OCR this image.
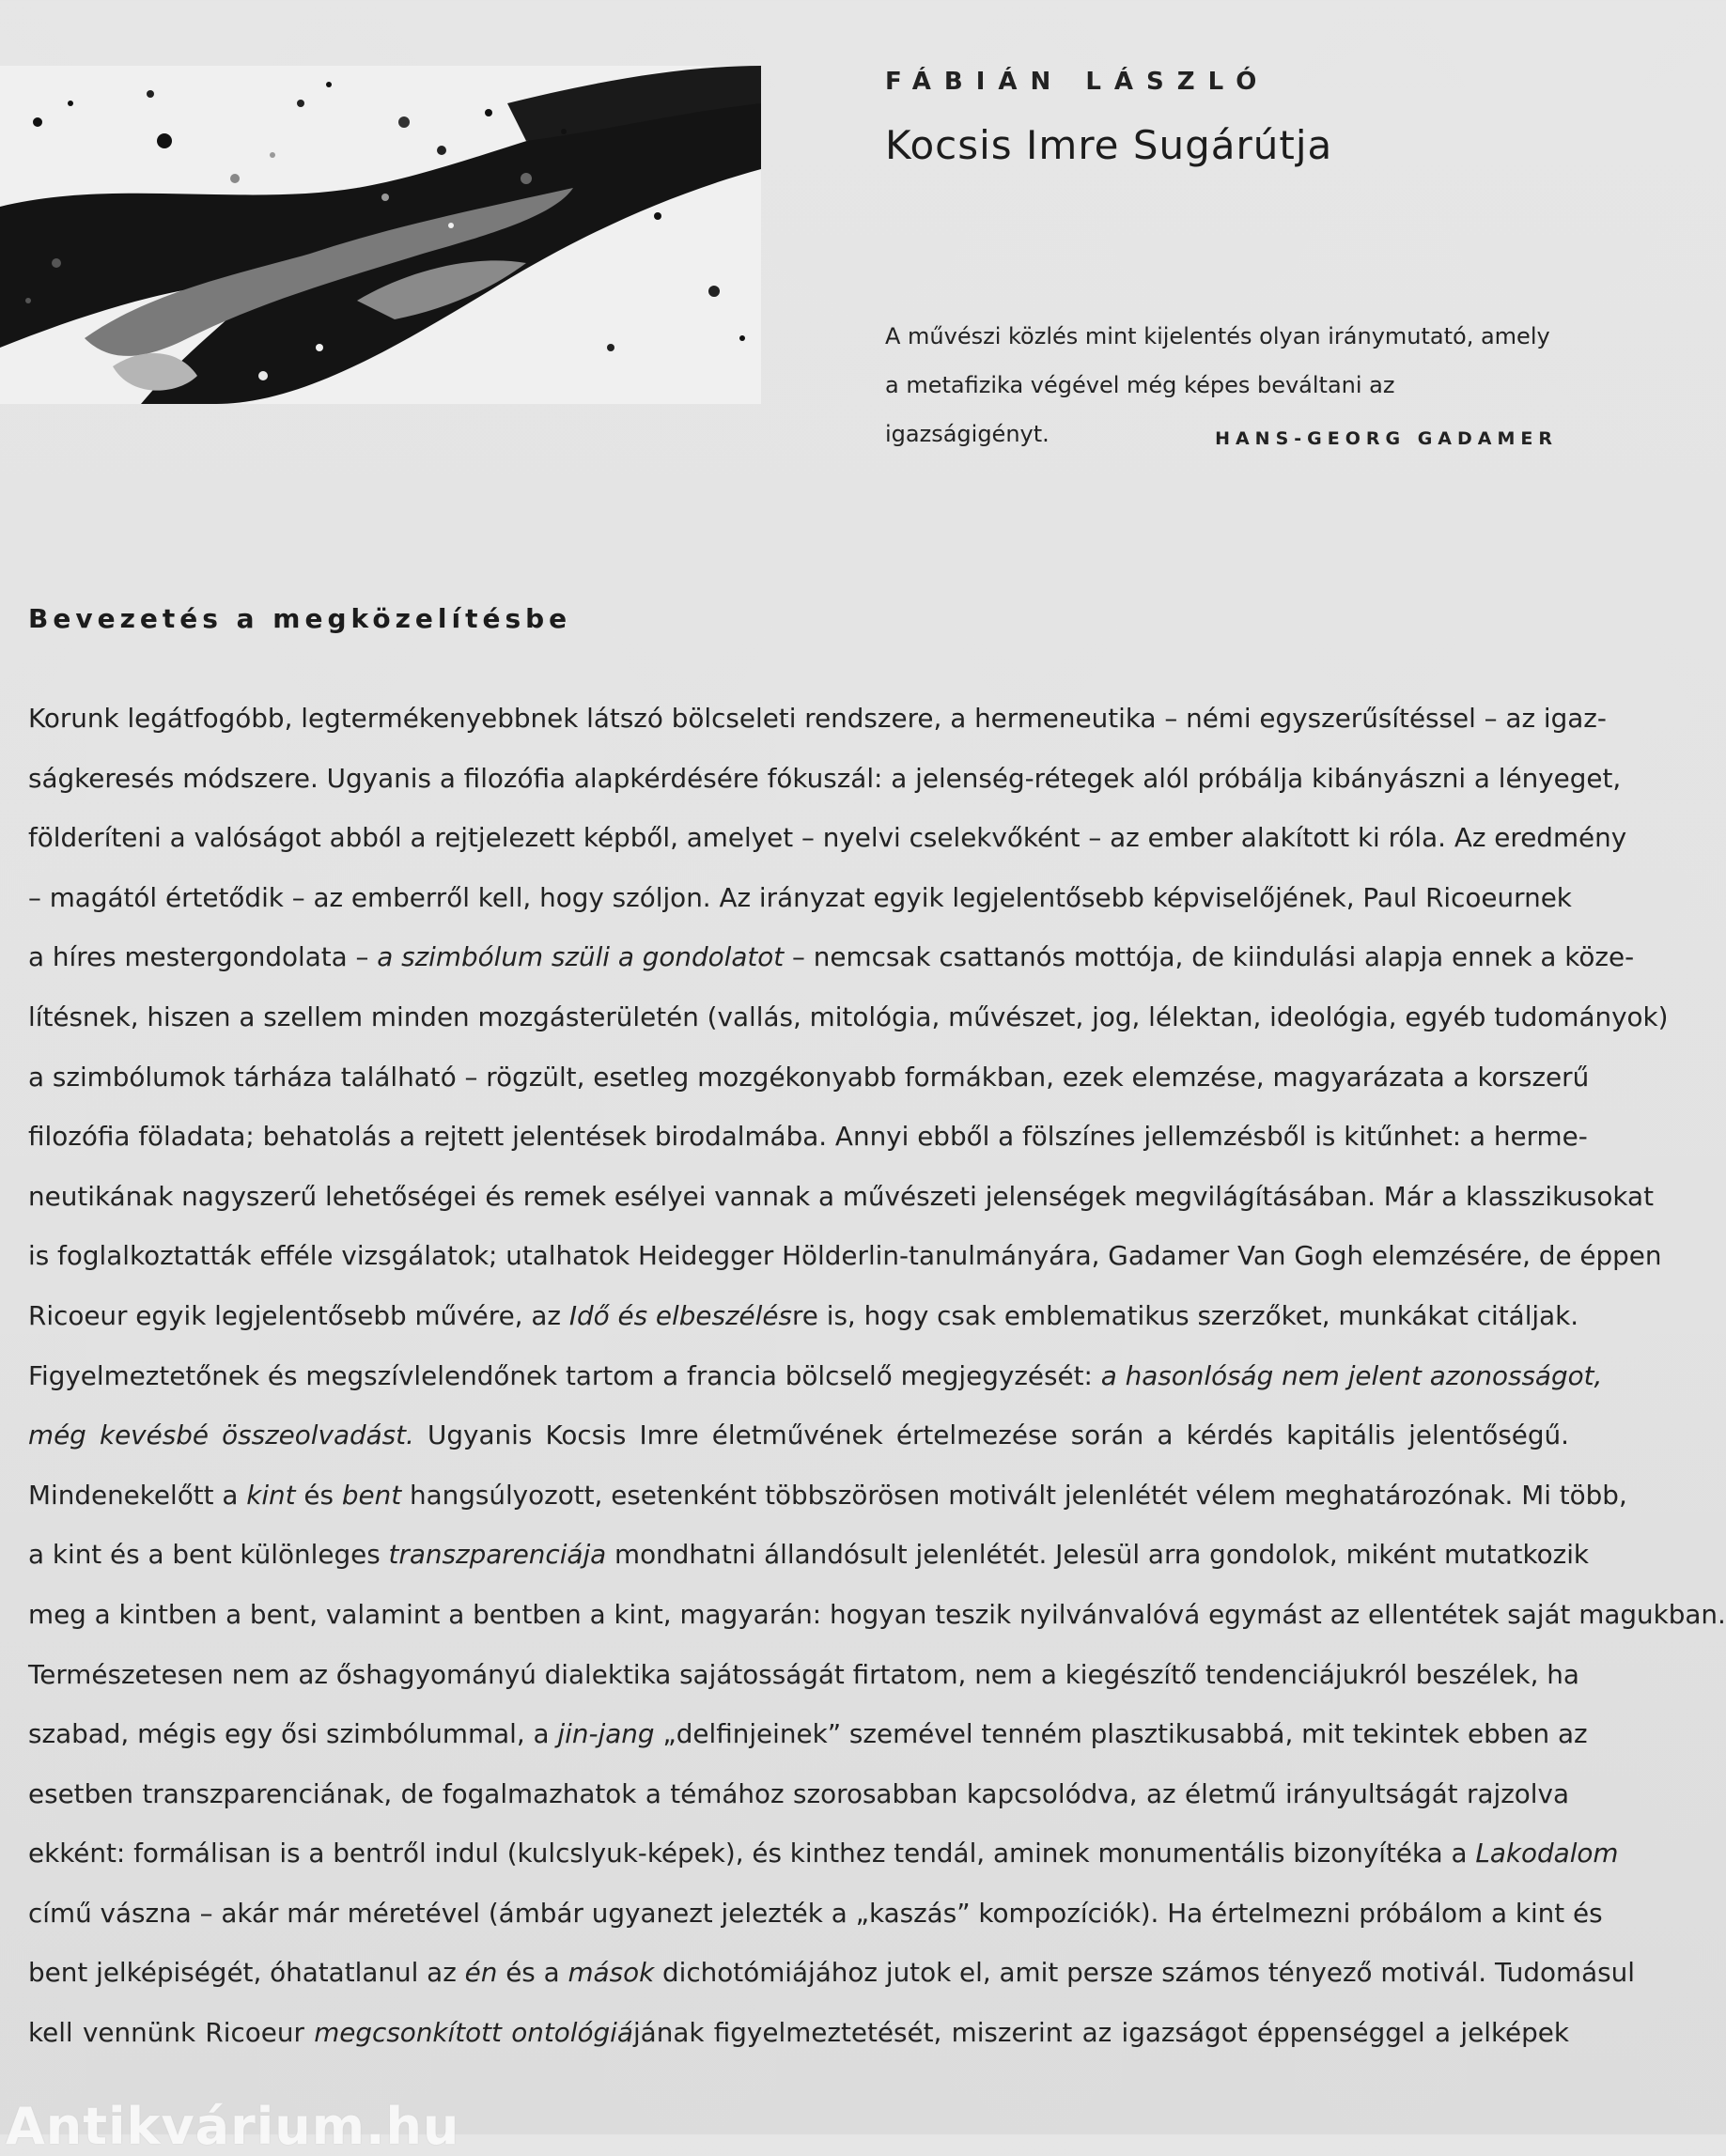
FÁBIÁN LÁSZLÓ
Kocsis Imre Sugárútja
A művészi közlés mint kijelentés olyan iránymutató, amely
a metafizika végével még képes beváltani az igazságigényt.	HANS-GEORG GADAMER
Bevezetés a megközelítésbe
Korunk legátfogóbb, legtermékenyebbnek látszó bölcseleti rendszere, a hermeneutika – némi egyszerűsítéssel – az igaz-
ságkeresés módszere. Ugyanis a filozófia alapkérdésére fókuszál: a jelenség-rétegek alól próbálja kibányászni a lényeget,
földeríteni a valóságot abból a rejtjelezett képből, amelyet – nyelvi cselekvőként – az ember alakított ki róla. Az eredmény
– magától értetődik – az emberről kell, hogy szóljon. Az irányzat egyik legjelentősebb képviselőjének, Paul Ricoeurnek
a híres mestergondolata – a szimbólum szüli a gondolatot – nemcsak csattanós mottója, de kiindulási alapja ennek a köze-
lítésnek, hiszen a szellem minden mozgásterületén (vallás, mitológia, művészet, jog, lélektan, ideológia, egyéb tudományok)
a szimbólumok tárháza található – rögzült, esetleg mozgékonyabb formákban, ezek elemzése, magyarázata a korszerű
filozófia föladata; behatolás a rejtett jelentések birodalmába. Annyi ebből a fölszínes jellemzésből is kitűnhet: a herme-
neutikának nagyszerű lehetőségei és remek esélyei vannak a művészeti jelenségek megvilágításában. Már a klasszikusokat
is foglalkoztatták efféle vizsgálatok; utalhatok Heidegger Hölderlin-tanulmányára, Gadamer Van Gogh elemzésére, de éppen
Ricoeur egyik legjelentősebb művére, az Idő és elbeszélésre is, hogy csak emblematikus szerzőket, munkákat citáljak.
Figyelmeztetőnek és megszívlelendőnek tartom a francia bölcselő megjegyzését: a hasonlóság nem jelent azonosságot,
még kevésbé összeolvadást. Ugyanis Kocsis Imre életművének értelmezése során a kérdés kapitális jelentőségű.
Mindenekelőtt a kint és bent hangsúlyozott, esetenként többszörösen motivált jelenlétét vélem meghatározónak. Mi több,
a kint és a bent különleges transzparenciája mondhatni állandósult jelenlétét. Jelesül arra gondolok, miként mutatkozik
meg a kintben a bent, valamint a bentben a kint, magyarán: hogyan teszik nyilvánvalóvá egymást az ellentétek saját magukban.
Természetesen nem az őshagyományú dialektika sajátosságát firtatom, nem a kiegészítő tendenciájukról beszélek, ha
szabad, mégis egy ősi szimbólummal, a jin-jang „delfinjeinek” szemével tenném plasztikusabbá, mit tekintek ebben az
esetben transzparenciának, de fogalmazhatok a témához szorosabban kapcsolódva, az életmű irányultságát rajzolva
ekként: formálisan is a bentről indul (kulcslyuk-képek), és kinthez tendál, aminek monumentális bizonyítéka a Lakodalom
című vászna – akár már méretével (ámbár ugyanezt jelezték a „kaszás” kompozíciók). Ha értelmezni próbálom a kint és
bent jelképiségét, óhatatlanul az én és a mások dichotómiájához jutok el, amit persze számos tényező motivál. Tudomásul
kell vennünk Ricoeur megcsonkított ontológiájának figyelmeztetését, miszerint az igazságot éppenséggel a jelképek
Antikvárium.hu
